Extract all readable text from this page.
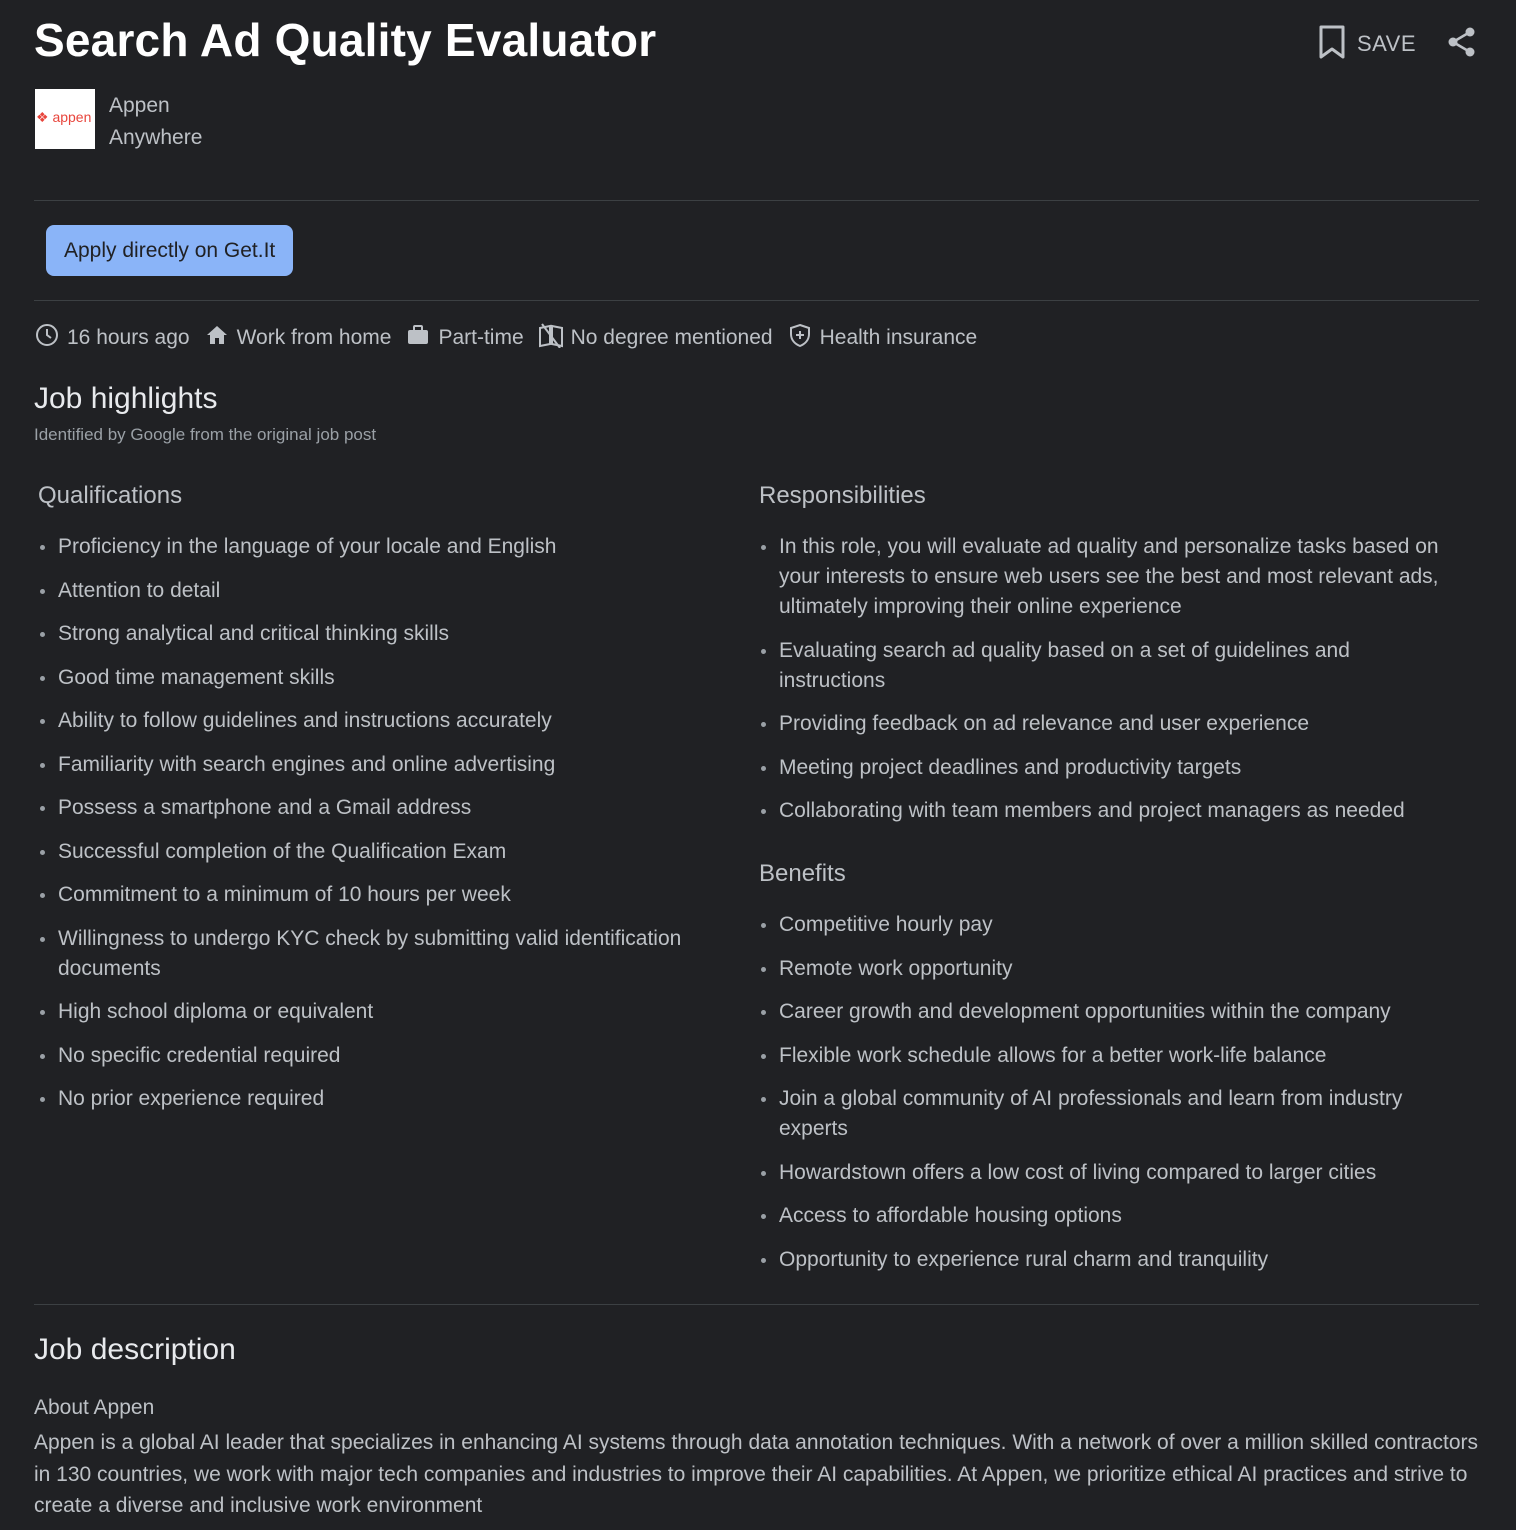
Search Ad Quality Evaluator	SAVE
❖ appen Appen
Anywhere
Apply directly on Get.It
16 hours ago Work from home Part-time No degree mentioned Health insurance
Job highlights
Identified by Google from the original job post
Qualifications
Proficiency in the language of your locale and English
Attention to detail
Strong analytical and critical thinking skills
Good time management skills
Ability to follow guidelines and instructions accurately
Familiarity with search engines and online advertising
Possess a smartphone and a Gmail address
Successful completion of the Qualification Exam
Commitment to a minimum of 10 hours per week
Willingness to undergo KYC check by submitting valid identification documents
High school diploma or equivalent
No specific credential required
No prior experience required
Responsibilities
In this role, you will evaluate ad quality and personalize tasks based on your interests to ensure web users see the best and most relevant ads, ultimately improving their online experience
Evaluating search ad quality based on a set of guidelines and instructions
Providing feedback on ad relevance and user experience
Meeting project deadlines and productivity targets
Collaborating with team members and project managers as needed
Benefits
Competitive hourly pay
Remote work opportunity
Career growth and development opportunities within the company
Flexible work schedule allows for a better work-life balance
Join a global community of AI professionals and learn from industry experts
Howardstown offers a low cost of living compared to larger cities
Access to affordable housing options
Opportunity to experience rural charm and tranquility
Job description
About Appen
Appen is a global AI leader that specializes in enhancing AI systems through data annotation techniques. With a network of over a million skilled contractors in 130 countries, we work with major tech companies and industries to improve their AI capabilities. At Appen, we prioritize ethical AI practices and strive to create a diverse and inclusive work environment
